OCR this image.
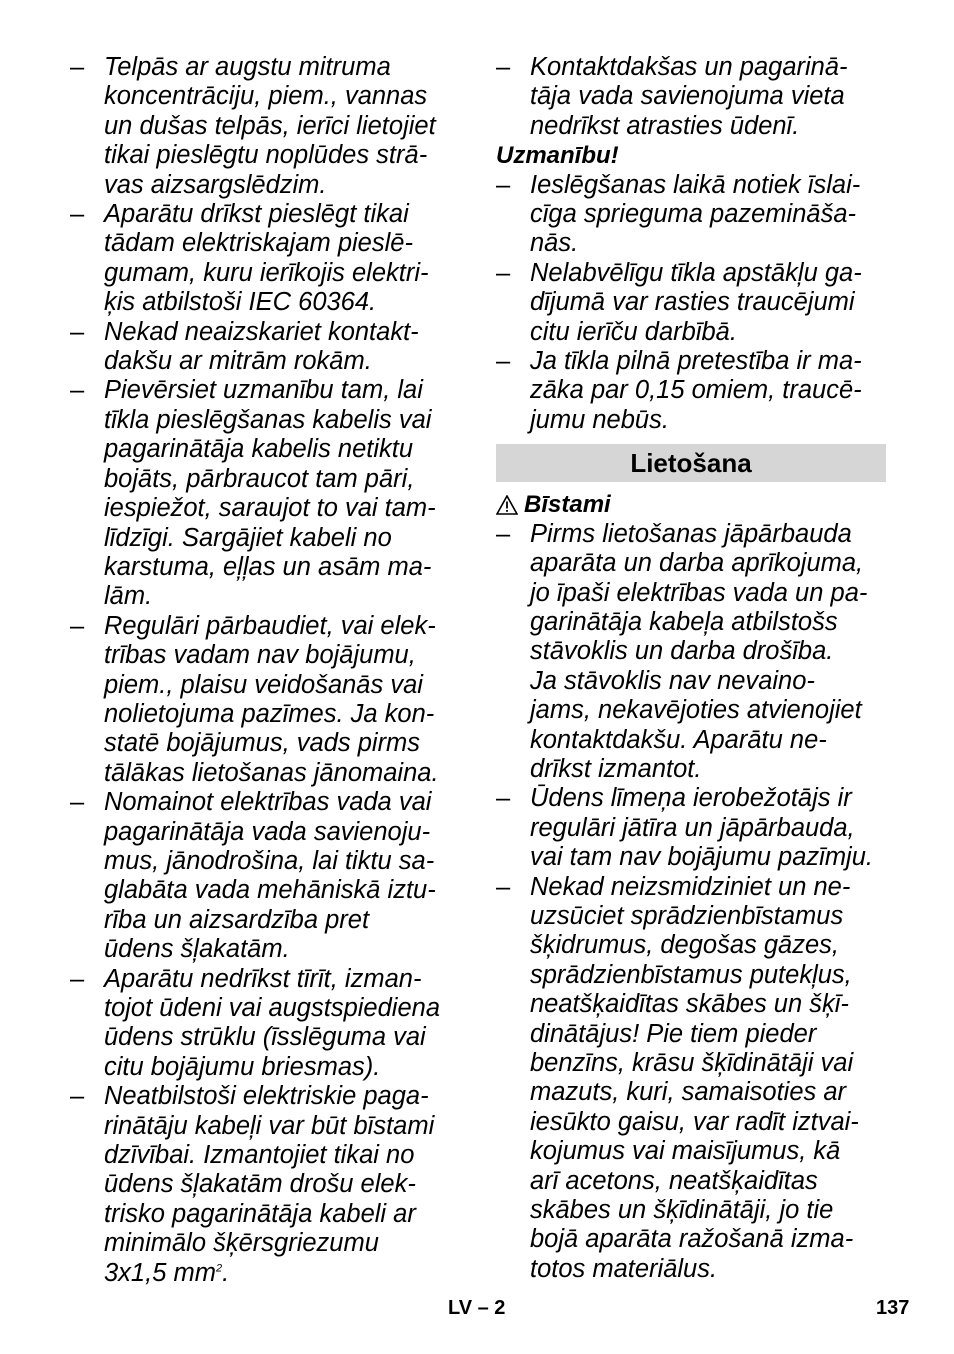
– Telpās ar augstu mitruma
koncentrāciju, piem., vannas
un dušas telpās, ierīci lietojiet
tikai pieslēgtu noplūdes strā-
vas aizsargslēdzim.
– Aparātu drīkst pieslēgt tikai
tādam elektriskajam pieslē-
gumam, kuru ierīkojis elektri-
ķis atbilstoši IEC 60364.
– Nekad neaizskariet kontakt-
dakšu ar mitrām rokām.
– Pievērsiet uzmanību tam, lai
tīkla pieslēgšanas kabelis vai
pagarinātāja kabelis netiktu
bojāts, pārbraucot tam pāri,
iespiežot, saraujot to vai tam-
līdzīgi. Sargājiet kabeli no
karstuma, eļļas un asām ma-
lām.
– Regulāri pārbaudiet, vai elek-
trības vadam nav bojājumu,
piem., plaisu veidošanās vai
nolietojuma pazīmes. Ja kon-
statē bojājumus, vads pirms
tālākas lietošanas jānomaina.
– Nomainot elektrības vada vai
pagarinātāja vada savienoju-
mus, jānodrošina, lai tiktu sa-
glabāta vada mehāniskā iztu-
rība un aizsardzība pret
ūdens šļakatām.
– Aparātu nedrīkst tīrīt, izman-
tojot ūdeni vai augstspiediena
ūdens strūklu (īsslēguma vai
citu bojājumu briesmas).
– Neatbilstoši elektriskie paga-
rinātāju kabeļi var būt bīstami
dzīvībai. Izmantojiet tikai no
ūdens šļakatām drošu elek-
trisko pagarinātāja kabeli ar
minimālo šķērsgriezumu
3x1,5 $mm^2$.
– Kontaktdakšas un pagarinā-
tāja vada savienojuma vieta
nedrīkst atrasties ūdenī.
Uzmanību!
– Ieslēgšanas laikā notiek īslai-
cīga sprieguma pazemināša-
nās.
– Nelabvēlīgu tīkla apstākļu ga-
dījumā var rasties traucējumi
citu ierīču darbībā.
– Ja tīkla pilnā pretestība ir ma-
zāka par 0,15 omiem, traucē-
jumu nebūs.
Lietošana
Bīstami
– Pirms lietošanas jāpārbauda
aparāta un darba aprīkojuma,
jo īpaši elektrības vada un pa-
garinātāja kabeļa atbilstošs
stāvoklis un darba drošība.
Ja stāvoklis nav nevaino-
jams, nekavējoties atvienojiet
kontaktdakšu. Aparātu ne-
drīkst izmantot.
– Ūdens līmeņa ierobežotājs ir
regulāri jātīra un jāpārbauda,
vai tam nav bojājumu pazīmju.
– Nekad neizsmidziniet un ne-
uzsūciet sprādzienbīstamus
šķidrumus, degošas gāzes,
sprādzienbīstamus putekļus,
neatšķaidītas skābes un šķī-
dinātājus! Pie tiem pieder
benzīns, krāsu šķīdinātāji vai
mazuts, kuri, samaisoties ar
iesūkto gaisu, var radīt iztvai-
kojumus vai maisījumus, kā
arī acetons, neatšķaidītas
skābes un šķīdinātāji, jo tie
bojā aparāta ražošanā izma-
totos materiālus.
LV – 2	137
